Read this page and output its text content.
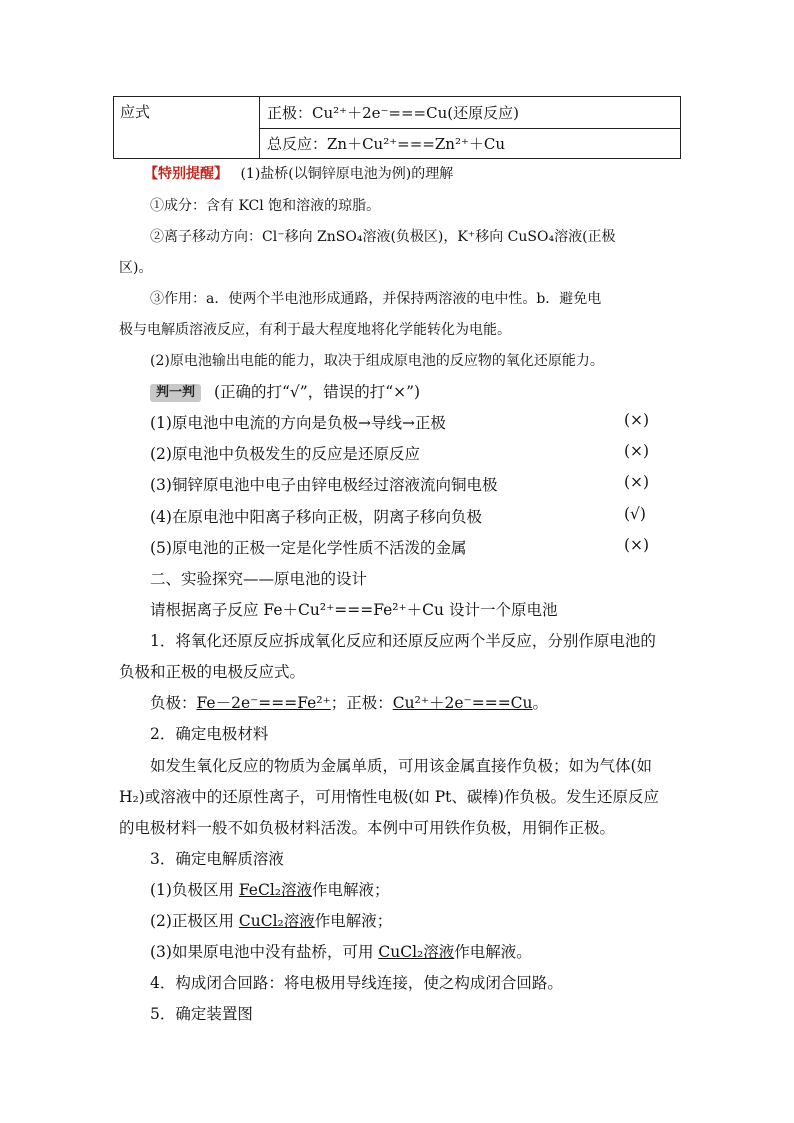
应式	正极：Cu²⁺＋2e⁻===Cu(还原反应)
总反应：Zn＋Cu²⁺===Zn²⁺＋Cu
【特别提醒】 (1)盐桥(以铜锌原电池为例)的理解
①成分：含有 KCl 饱和溶液的琼脂。
②离子移动方向：Cl⁻移向 ZnSO₄溶液(负极区)，K⁺移向 CuSO₄溶液(正极
区)。
③作用：a．使两个半电池形成通路，并保持两溶液的电中性。b．避免电
极与电解质溶液反应，有利于最大程度地将化学能转化为电能。
(2)原电池输出电能的能力，取决于组成原电池的反应物的氧化还原能力。
判一判 (正确的打“√”，错误的打“×”)
(1)原电池中电流的方向是负极→导线→正极	(×)
(2)原电池中负极发生的反应是还原反应	(×)
(3)铜锌原电池中电子由锌电极经过溶液流向铜电极	(×)
(4)在原电池中阳离子移向正极，阴离子移向负极	(√)
(5)原电池的正极一定是化学性质不活泼的金属	(×)
二、实验探究——原电池的设计
请根据离子反应 Fe＋Cu²⁺===Fe²⁺＋Cu 设计一个原电池
1．将氧化还原反应拆成氧化反应和还原反应两个半反应，分别作原电池的
负极和正极的电极反应式。
负极：Fe－2e⁻===Fe²⁺；正极：Cu²⁺＋2e⁻===Cu。
2．确定电极材料
如发生氧化反应的物质为金属单质，可用该金属直接作负极；如为气体(如
H₂)或溶液中的还原性离子，可用惰性电极(如 Pt、碳棒)作负极。发生还原反应
的电极材料一般不如负极材料活泼。本例中可用铁作负极，用铜作正极。
3．确定电解质溶液
(1)负极区用 FeCl₂溶液作电解液；
(2)正极区用 CuCl₂溶液作电解液；
(3)如果原电池中没有盐桥，可用 CuCl₂溶液作电解液。
4．构成闭合回路：将电极用导线连接，使之构成闭合回路。
5．确定装置图
